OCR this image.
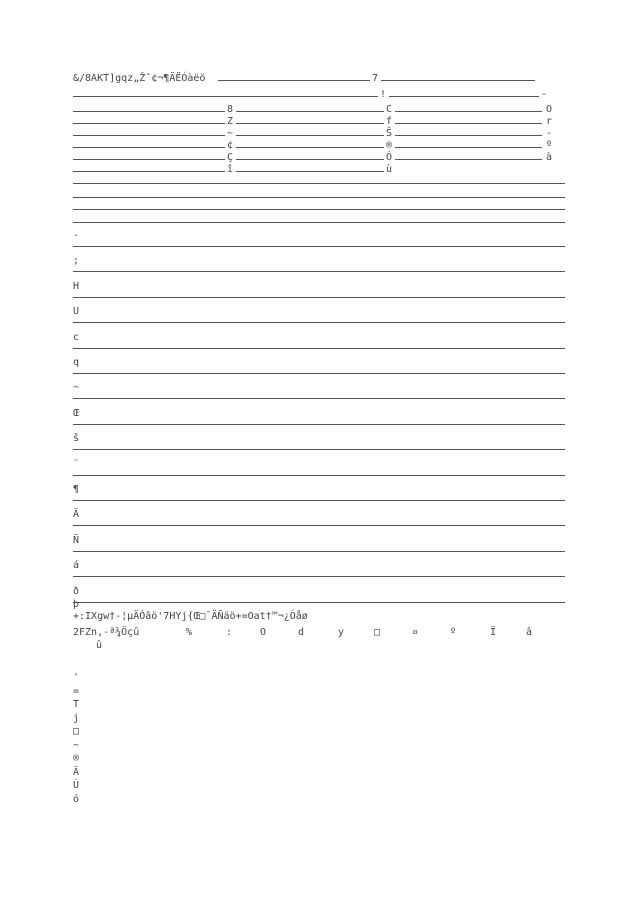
&/8AKT]gqz„Žˆ¢¬¶ÄËÓàëö	7
!	-
8	C	O
Z	f	r
~	Š	-
¢	®	º
Ç	Ó	à
î	ù
-
;
H
U
c
q
~
Œ
š
¨
¶
Ä
Ñ
á
ð
þ
+:IXgw†-¦µÄÓâö'7HYj{Œ□¯ÄÑäö+=Oat†™¬¿Óåø
2FZn,-ª¾Öçû	%	:	O	d	y	□	¤	º	Ï	â
û
'
=
T
j
□
~
®
Ä
Ú
ó
